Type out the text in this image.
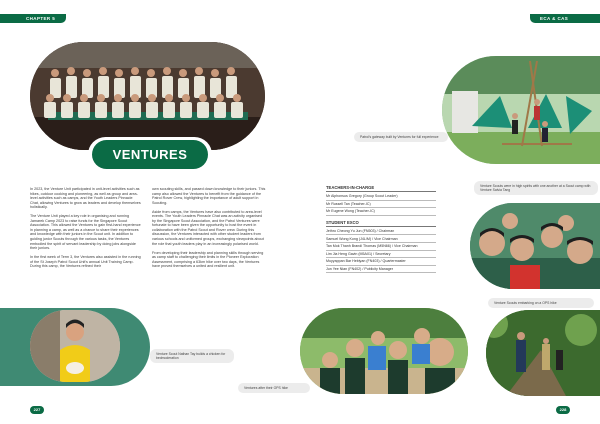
CHAPTER 5	ECA & CAS
VENTURES

In 2023, the Venture Unit participated in unit-level activities such as hikes, outdoor cooking and pioneering, as well as group and area-level activities such as camps, and the Youth Leaders Pinnacle Chat, allowing Ventures to grow as leaders and develop themselves holistically.

The Venture Unit played a key role in organising and running Jamarek Camp 2023 to raise funds for the Singapore Scout Association. This allowed the Ventures to gain first-hand experience in planning a camp, as well as a chance to share their experiences and knowledge with their juniors in the Scout unit. In addition to guiding junior Scouts through the various tasks, the Ventures embodied the spirit of servant leadership by doing jobs alongside their juniors.

In the first week of Term 3, the Ventures also assisted in the running of the St Joseph Patrol Scout Unit's annual Unit Training Camp. During this camp, the Ventures refined their

own scouting skills, and passed down knowledge to their juniors. This camp also allowed the Ventures to benefit from the guidance of the Patrol Rover Crew, highlighting the importance of adult support in Scouting.

Aside from camps, the Ventures have also contributed to area-level events. The Youth Leaders Pinnacle Chat was an activity organised by the Singapore Scout Association, and the Patrol Ventures were fortunate to have been given the opportunity to host the event in collaboration with the Patrol Scout and Rover crew. During this discussion, the Ventures interacted with other student leaders from various schools and uniformed groups, exchanging viewpoints about the role that youth leaders play in an increasingly polarised world.

From developing their leadership and planning skills through serving as camp staff to challenging their limits in the Pioneer Exploration Assessment, comprising a 63km hike over two days, the Ventures have proved themselves a united and resilient unit.

Venture Scout Nathan Tay builds a chicken for bedmoderation
227
Patrol's gateway built by Ventures for full experience
TEACHERS-IN-CHARGE
Mr Alphonsus Gregory (Group Scout Leader)
Mr Russell Tan (Teacher-IC)
Mr Eugene Wong (Teacher-IC)
STUDENT EXCO
Jethro Cheong Yu Jun (FN503) / Chairman
Samuel Wong Kong (J4L/M) / Vice Chairman
Tan Mok Thanh Brandi Thomas (M5N66) / Vice Chairman
Lim Jia Heng Gavin (M5A01) / Secretary
Muyyappan Bar Hebiyan (FN403) / Quartermaster
Jun Yee Nian (FN402) / Publicity Manager
Venture Scouts were in high spirits with one another at a Scout camp with Venture Salvia Tang
Ventures after their OPS hike
Venture Scouts embarking on a OPS hike
228
